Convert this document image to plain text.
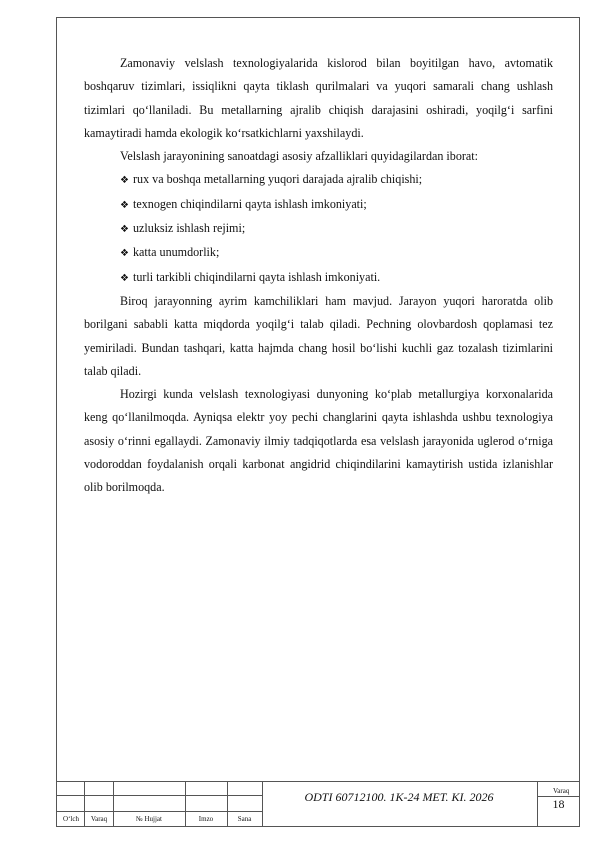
Zamonaviy velslash texnologiyalarida kislorod bilan boyitilgan havo, avtomatik boshqaruv tizimlari, issiqlikni qayta tiklash qurilmalari va yuqori samarali chang ushlash tizimlari qo‘llaniladi. Bu metallarning ajralib chiqish darajasini oshiradi, yoqilg‘i sarfini kamaytiradi hamda ekologik ko‘rsatkichlarni yaxshilaydi.

Velslash jarayonining sanoatdagi asosiy afzalliklari quyidagilardan iborat:

❖ rux va boshqa metallarning yuqori darajada ajralib chiqishi;
❖ texnogen chiqindilarni qayta ishlash imkoniyati;
❖ uzluksiz ishlash rejimi;
❖ katta unumdorlik;
❖ turli tarkibli chiqindilarni qayta ishlash imkoniyati.

Biroq jarayonning ayrim kamchiliklari ham mavjud. Jarayon yuqori haroratda olib borilgani sababli katta miqdorda yoqilg‘i talab qiladi. Pechning olovbardosh qoplamasi tez yemiriladi. Bundan tashqari, katta hajmda chang hosil bo‘lishi kuchli gaz tozalash tizimlarini talab qiladi.

Hozirgi kunda velslash texnologiyasi dunyoning ko‘plab metallurgiya korxonalarida keng qo‘llanilmoqda. Ayniqsa elektr yoy pechi changlarini qayta ishlashda ushbu texnologiya asosiy o‘rinni egallaydi. Zamonaviy ilmiy tadqiqotlarda esa velslash jarayonida uglerod o‘rniga vodoroddan foydalanish orqali karbonat angidrid chiqindilarini kamaytirish ustida izlanishlar olib borilmoqda.

O‘lch	Varaq	№ Hujjat	Imzo	Sana
ODTI 60712100. 1K-24 MET. KI. 2026	Varaq
18
